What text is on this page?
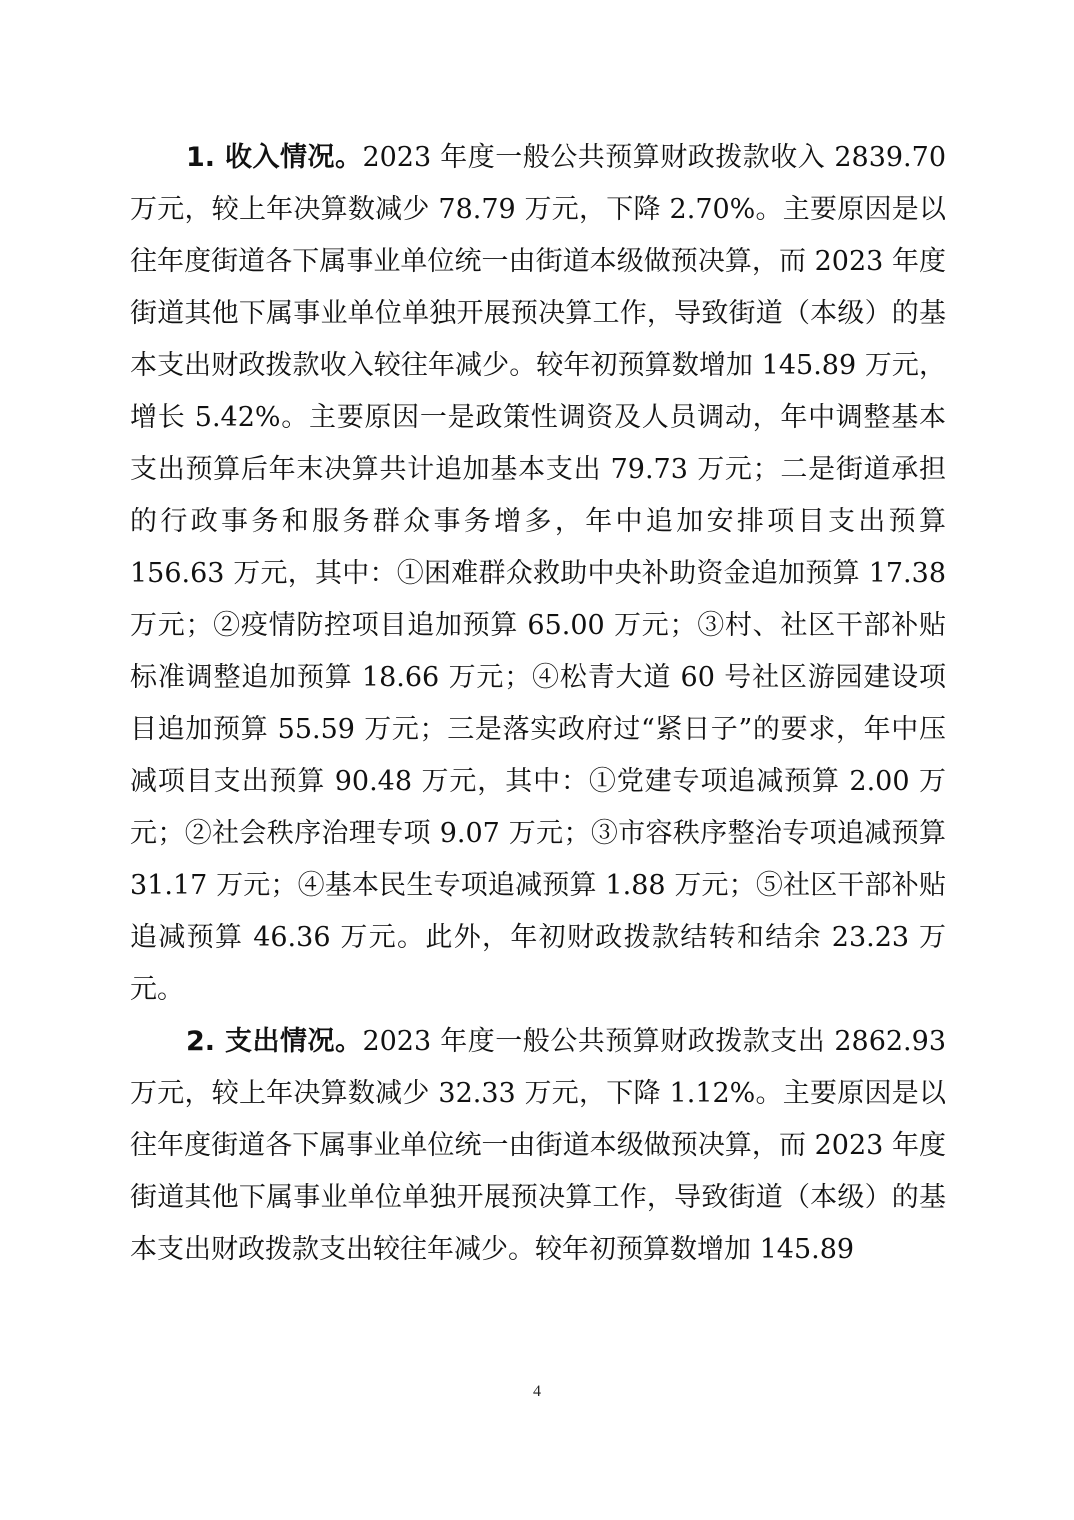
1. 收入情况。2023 年度一般公共预算财政拨款收入 2839.70 万元，较上年决算数减少 78.79 万元，下降 2.70%。主要原因是以往年度街道各下属事业单位统一由街道本级做预决算，而 2023 年度街道其他下属事业单位单独开展预决算工作，导致街道（本级）的基本支出财政拨款收入较往年减少。较年初预算数增加 145.89 万元，增长 5.42%。主要原因一是政策性调资及人员调动，年中调整基本支出预算后年末决算共计追加基本支出 79.73 万元；二是街道承担的行政事务和服务群众事务增多，年中追加安排项目支出预算 156.63 万元，其中：①困难群众救助中央补助资金追加预算 17.38 万元；②疫情防控项目追加预算 65.00 万元；③村、社区干部补贴标准调整追加预算 18.66 万元；④松青大道 60 号社区游园建设项目追加预算 55.59 万元；三是落实政府过“紧日子”的要求，年中压减项目支出预算 90.48 万元，其中：①党建专项追减预算 2.00 万元；②社会秩序治理专项 9.07 万元；③市容秩序整治专项追减预算 31.17 万元；④基本民生专项追减预算 1.88 万元；⑤社区干部补贴追减预算 46.36 万元。此外，年初财政拨款结转和结余 23.23 万元。

2. 支出情况。2023 年度一般公共预算财政拨款支出 2862.93 万元，较上年决算数减少 32.33 万元，下降 1.12%。主要原因是以往年度街道各下属事业单位统一由街道本级做预决算，而 2023 年度街道其他下属事业单位单独开展预决算工作，导致街道（本级）的基本支出财政拨款支出较往年减少。较年初预算数增加 145.89

4
